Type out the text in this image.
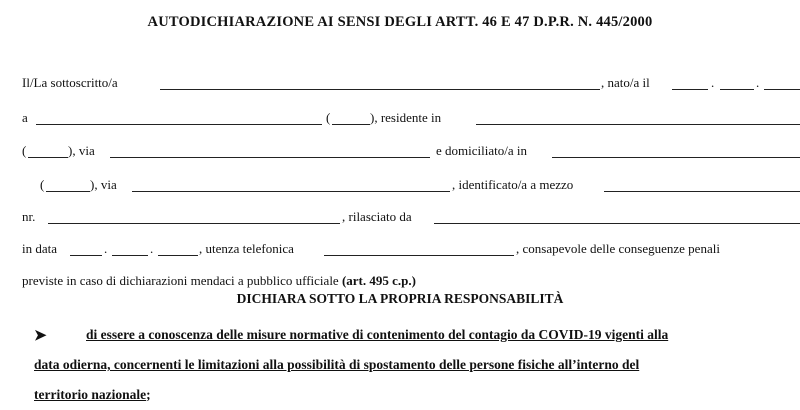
AUTODICHIARAZIONE AI SENSI DEGLI ARTT. 46 E 47 D.P.R. N. 445/2000
Il/La sottoscritto/a	, nato/a il	.	.
a	(	), residente in
(	), via	e domiciliato/a in
(	), via	, identificato/a a mezzo
nr.	, rilasciato da
in data	.	.	, utenza telefonica	, consapevole delle conseguenze penali
previste in caso di dichiarazioni mendaci a pubblico ufficiale (art. 495 c.p.)
DICHIARA SOTTO LA PROPRIA RESPONSABILITÀ
➤	di essere a conoscenza delle misure normative di contenimento del contagio da COVID-19 vigenti alla
data odierna, concernenti le limitazioni alla possibilità di spostamento delle persone fisiche all’interno del
territorio nazionale;
